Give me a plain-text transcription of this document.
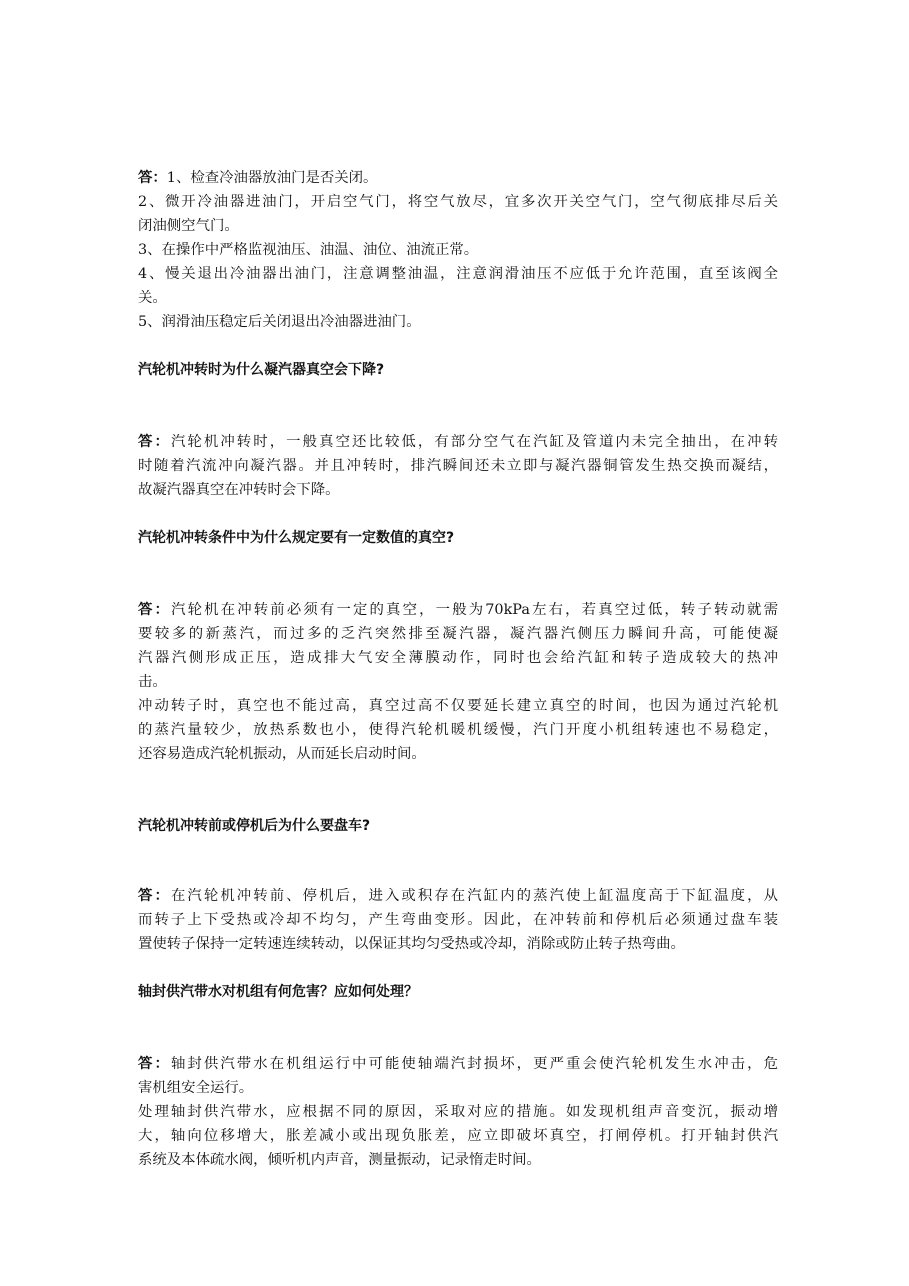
答：1、检查冷油器放油门是否关闭。
2、微开冷油器进油门，开启空气门，将空气放尽，宜多次开关空气门，空气彻底排尽后关
闭油侧空气门。
3、在操作中严格监视油压、油温、油位、油流正常。
4、慢关退出冷油器出油门，注意调整油温，注意润滑油压不应低于允许范围，直至该阀全
关。
5、润滑油压稳定后关闭退出冷油器进油门。
汽轮机冲转时为什么凝汽器真空会下降?
答：汽轮机冲转时，一般真空还比较低，有部分空气在汽缸及管道内未完全抽出，在冲转
时随着汽流冲向凝汽器。并且冲转时，排汽瞬间还未立即与凝汽器铜管发生热交换而凝结，
故凝汽器真空在冲转时会下降。
汽轮机冲转条件中为什么规定要有一定数值的真空?
答：汽轮机在冲转前必须有一定的真空，一般为70kPa左右，若真空过低，转子转动就需
要较多的新蒸汽，而过多的乏汽突然排至凝汽器，凝汽器汽侧压力瞬间升高，可能使凝
汽器汽侧形成正压，造成排大气安全薄膜动作，同时也会给汽缸和转子造成较大的热冲
击。
冲动转子时，真空也不能过高，真空过高不仅要延长建立真空的时间，也因为通过汽轮机
的蒸汽量较少，放热系数也小，使得汽轮机暖机缓慢，汽门开度小机组转速也不易稳定，
还容易造成汽轮机振动，从而延长启动时间。
汽轮机冲转前或停机后为什么要盘车?
答：在汽轮机冲转前、停机后，进入或积存在汽缸内的蒸汽使上缸温度高于下缸温度，从
而转子上下受热或冷却不均匀，产生弯曲变形。因此，在冲转前和停机后必须通过盘车装
置使转子保持一定转速连续转动，以保证其均匀受热或冷却，消除或防止转子热弯曲。
轴封供汽带水对机组有何危害？应如何处理？
答：轴封供汽带水在机组运行中可能使轴端汽封损坏，更严重会使汽轮机发生水冲击，危
害机组安全运行。
处理轴封供汽带水，应根据不同的原因，采取对应的措施。如发现机组声音变沉，振动增
大，轴向位移增大，胀差减小或出现负胀差，应立即破坏真空，打闸停机。打开轴封供汽
系统及本体疏水阀，倾听机内声音，测量振动，记录惰走时间。
